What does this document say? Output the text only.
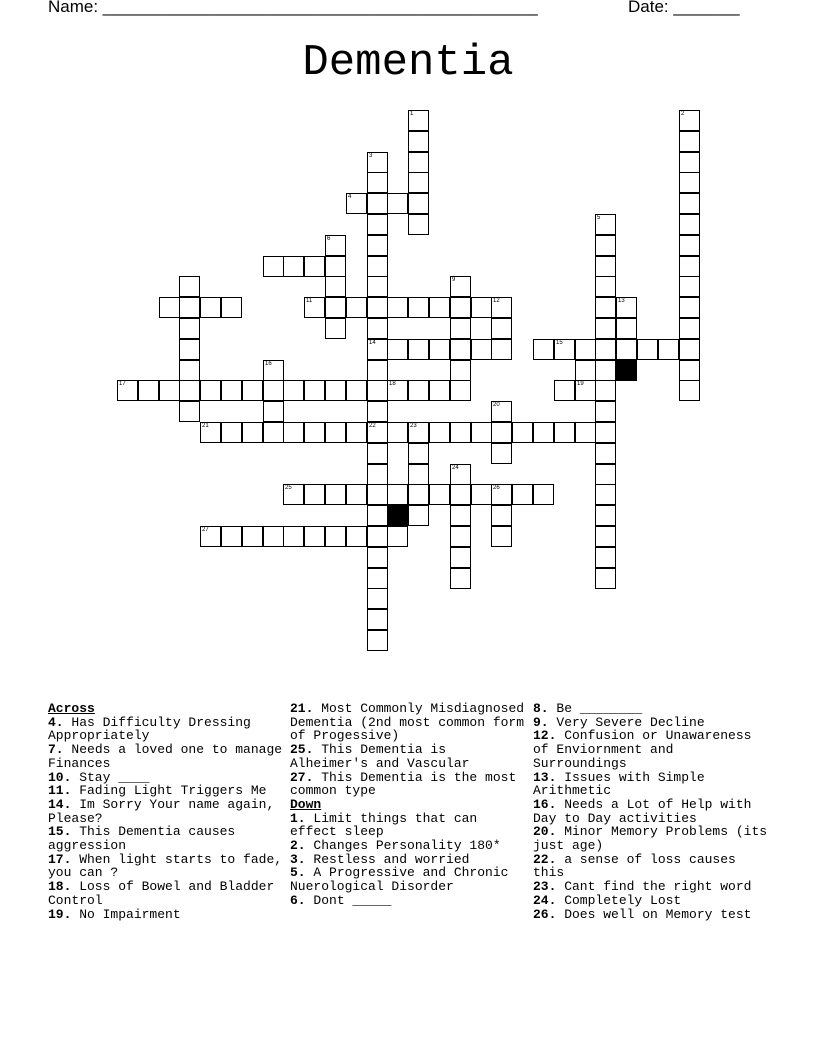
Name: ______________________________________________	Date: _______
Dementia
1	2
3
14
22
5
6
9
12	13
16
20
23
24
26
4
11
15
17	18	19
21
25
27
Across
4. Has Difficulty Dressing Appropriately
7. Needs a loved one to manage Finances
10. Stay ____
11. Fading Light Triggers Me
14. Im Sorry Your name again, Please?
15. This Dementia causes aggression
17. When light starts to fade, you can ?
18. Loss of Bowel and Bladder Control
19. No Impairment
21. Most Commonly Misdiagnosed Dementia (2nd most common form of Progessive)
25. This Dementia is Alheimer's and Vascular
27. This Dementia is the most common type
Down
1. Limit things that can effect sleep
2. Changes Personality 180*
3. Restless and worried
5. A Progressive and Chronic Nuerological Disorder
6. Dont _____
8. Be ________
9. Very Severe Decline
12. Confusion or Unawareness of Enviornment and Surroundings
13. Issues with Simple Arithmetic
16. Needs a Lot of Help with Day to Day activities
20. Minor Memory Problems (its just age)
22. a sense of loss causes this
23. Cant find the right word
24. Completely Lost
26. Does well on Memory test
